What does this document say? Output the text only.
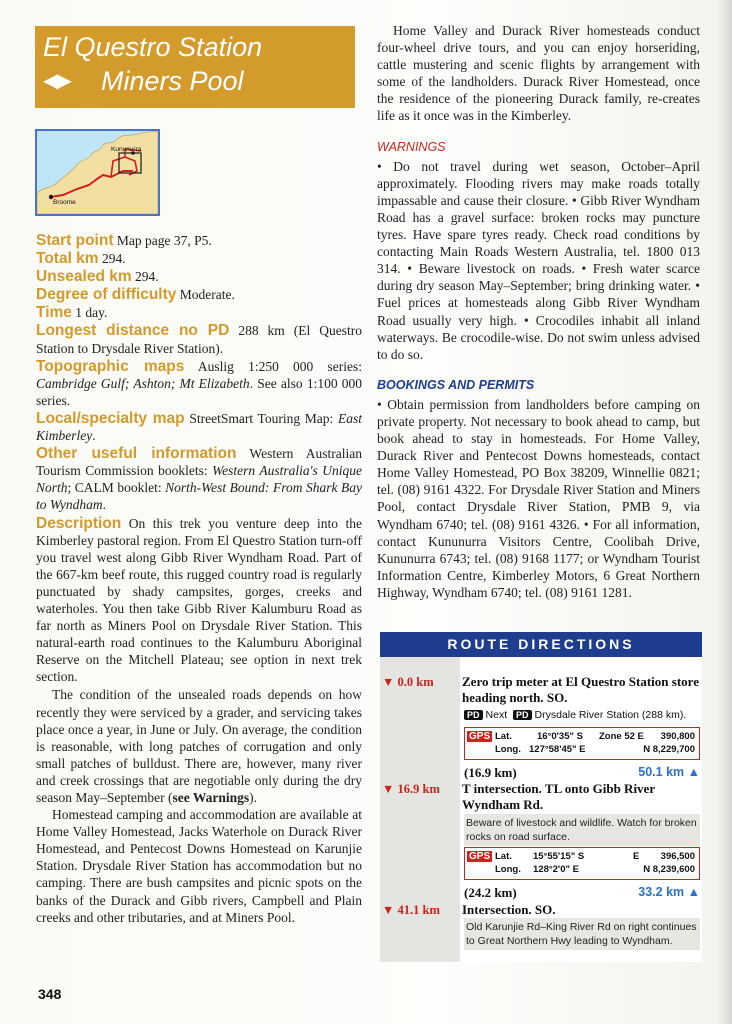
El Questro Station
◀▶ Miners Pool
Kununurra
Broome

Start point Map page 37, P5.

Total km 294.

Unsealed km 294.

Degree of difficulty Moderate.

Time 1 day.

Longest distance no PD 288 km (El Questro Station to Drysdale River Station).

Topographic maps Auslig 1:250 000 series: Cambridge Gulf; Ashton; Mt Elizabeth. See also 1:100 000 series.

Local/specialty map StreetSmart Touring Map: East Kimberley.

Other useful information Western Australian Tourism Commission booklets: Western Australia's Unique North; CALM booklet: North-West Bound: From Shark Bay to Wyndham.

Description On this trek you venture deep into the Kimberley pastoral region. From El Questro Station turn-off you travel west along Gibb River Wyndham Road. Part of the 667-km beef route, this rugged country road is regularly punctuated by shady campsites, gorges, creeks and waterholes. You then take Gibb River Kalumburu Road as far north as Miners Pool on Drysdale River Station. This natural-earth road continues to the Kalumburu Aboriginal Reserve on the Mitchell Plateau; see option in next trek section.

The condition of the unsealed roads depends on how recently they were serviced by a grader, and servicing takes place once a year, in June or July. On average, the condition is reasonable, with long patches of corrugation and only small patches of bulldust. There are, however, many river and creek crossings that are negotiable only during the dry season May–September (see Warnings).

Homestead camping and accommodation are available at Home Valley Homestead, Jacks Waterhole on Durack River Homestead, and Pentecost Downs Homestead on Karunjie Station. Drysdale River Station has accommodation but no camping. There are bush campsites and picnic spots on the banks of the Durack and Gibb rivers, Campbell and Plain creeks and other tributaries, and at Miners Pool.

Home Valley and Durack River homesteads conduct four-wheel drive tours, and you can enjoy horseriding, cattle mustering and scenic flights by arrangement with some of the landholders. Durack River Homestead, once the residence of the pioneering Durack family, re-creates life as it once was in the Kimberley.

WARNINGS

• Do not travel during wet season, October–April approximately. Flooding rivers may make roads totally impassable and cause their closure. • Gibb River Wyndham Road has a gravel surface: broken rocks may puncture tyres. Have spare tyres ready. Check road conditions by contacting Main Roads Western Australia, tel. 1800 013 314. • Beware livestock on roads. • Fresh water scarce during dry season May–September; bring drinking water. • Fuel prices at homesteads along Gibb River Wyndham Road usually very high. • Crocodiles inhabit all inland waterways. Be crocodile-wise. Do not swim unless advised to do so.

BOOKINGS AND PERMITS

• Obtain permission from landholders before camping on private property. Not necessary to book ahead to camp, but book ahead to stay in homesteads. For Home Valley, Durack River and Pentecost Downs homesteads, contact Home Valley Homestead, PO Box 38209, Winnellie 0821; tel. (08) 9161 4322. For Drysdale River Station and Miners Pool, contact Drysdale River Station, PMB 9, via Wyndham 6740; tel. (08) 9161 4326. • For all information, contact Kununurra Visitors Centre, Coolibah Drive, Kununurra 6743; tel. (08) 9168 1177; or Wyndham Tourist Information Centre, Kimberley Motors, 6 Great Northern Highway, Wyndham 6740; tel. (08) 9161 1281.

ROUTE DIRECTIONS
▼ 0.0 km	Zero trip meter at El Questro Station store heading north. SO.
PD Next PD Drysdale River Station (288 km).
GPS Lat.	16°0'35" S Zone 52 E 390,800
Long. 127°58'45" E	N 8,229,700
(16.9 km)	50.1 km ▲
▼ 16.9 km	T intersection. TL onto Gibb River Wyndham Rd.
Beware of livestock and wildlife. Watch for broken rocks on road surface.
GPS Lat. 15°55'15" S	E 396,500
Long. 128°2'0" E	N 8,239,600
(24.2 km)	33.2 km ▲
▼ 41.1 km	Intersection. SO.
Old Karunjie Rd–King River Rd on right continues to Great Northern Hwy leading to Wyndham.
348
